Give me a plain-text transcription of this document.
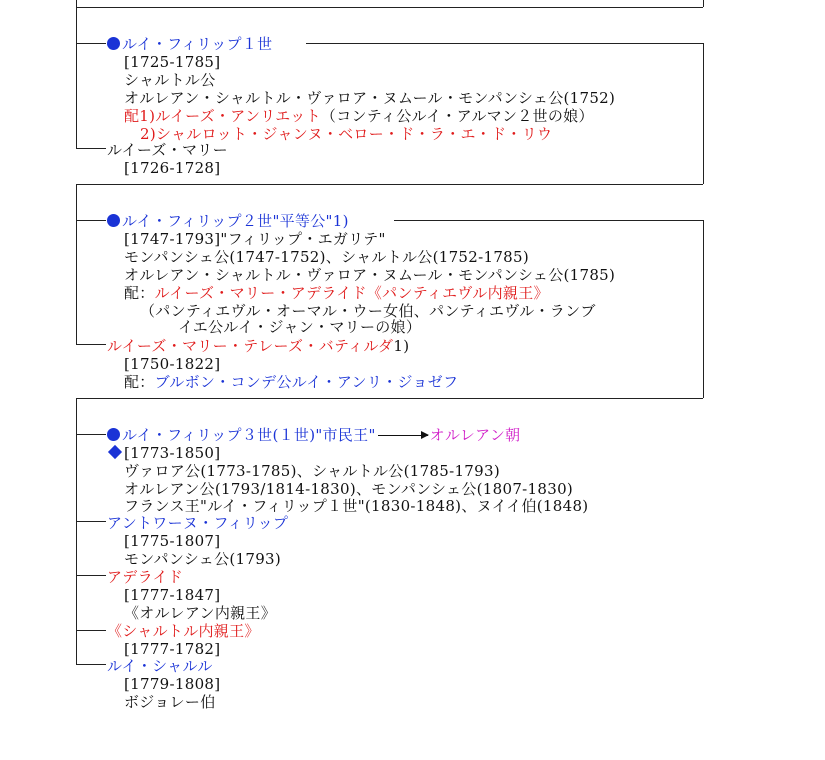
ルイ・フィリップ１世
[1725-1785]
シャルトル公
オルレアン・シャルトル・ヴァロア・ヌムール・モンパンシェ公(1752)
配1)ルイーズ・アンリエット（コンティ公ルイ・アルマン２世の娘）
2)シャルロット・ジャンヌ・ベロー・ド・ラ・エ・ド・リウ
ルイーズ・マリー
[1726-1728]
ルイ・フィリップ２世"平等公"1)
[1747-1793]"フィリップ・エガリテ"
モンパンシェ公(1747-1752)、シャルトル公(1752-1785)
オルレアン・シャルトル・ヴァロア・ヌムール・モンパンシェ公(1785)
配：ルイーズ・マリー・アデライド《パンティエヴル内親王》
（パンティエヴル・オーマル・ウー女伯、パンティエヴル・ランブ
イエ公ルイ・ジャン・マリーの娘）
ルイーズ・マリー・テレーズ・バティルダ1)
[1750-1822]
配：ブルボン・コンデ公ルイ・アンリ・ジョゼフ
ルイ・フィリップ３世(１世)"市民王"	オルレアン朝
[1773-1850]
ヴァロア公(1773-1785)、シャルトル公(1785-1793)
オルレアン公(1793/1814-1830)、モンパンシェ公(1807-1830)
フランス王"ルイ・フィリップ１世"(1830-1848)、ヌイイ伯(1848)
アントワーヌ・フィリップ
[1775-1807]
モンパンシェ公(1793)
アデライド
[1777-1847]
《オルレアン内親王》
《シャルトル内親王》
[1777-1782]
ルイ・シャルル
[1779-1808]
ボジョレー伯
